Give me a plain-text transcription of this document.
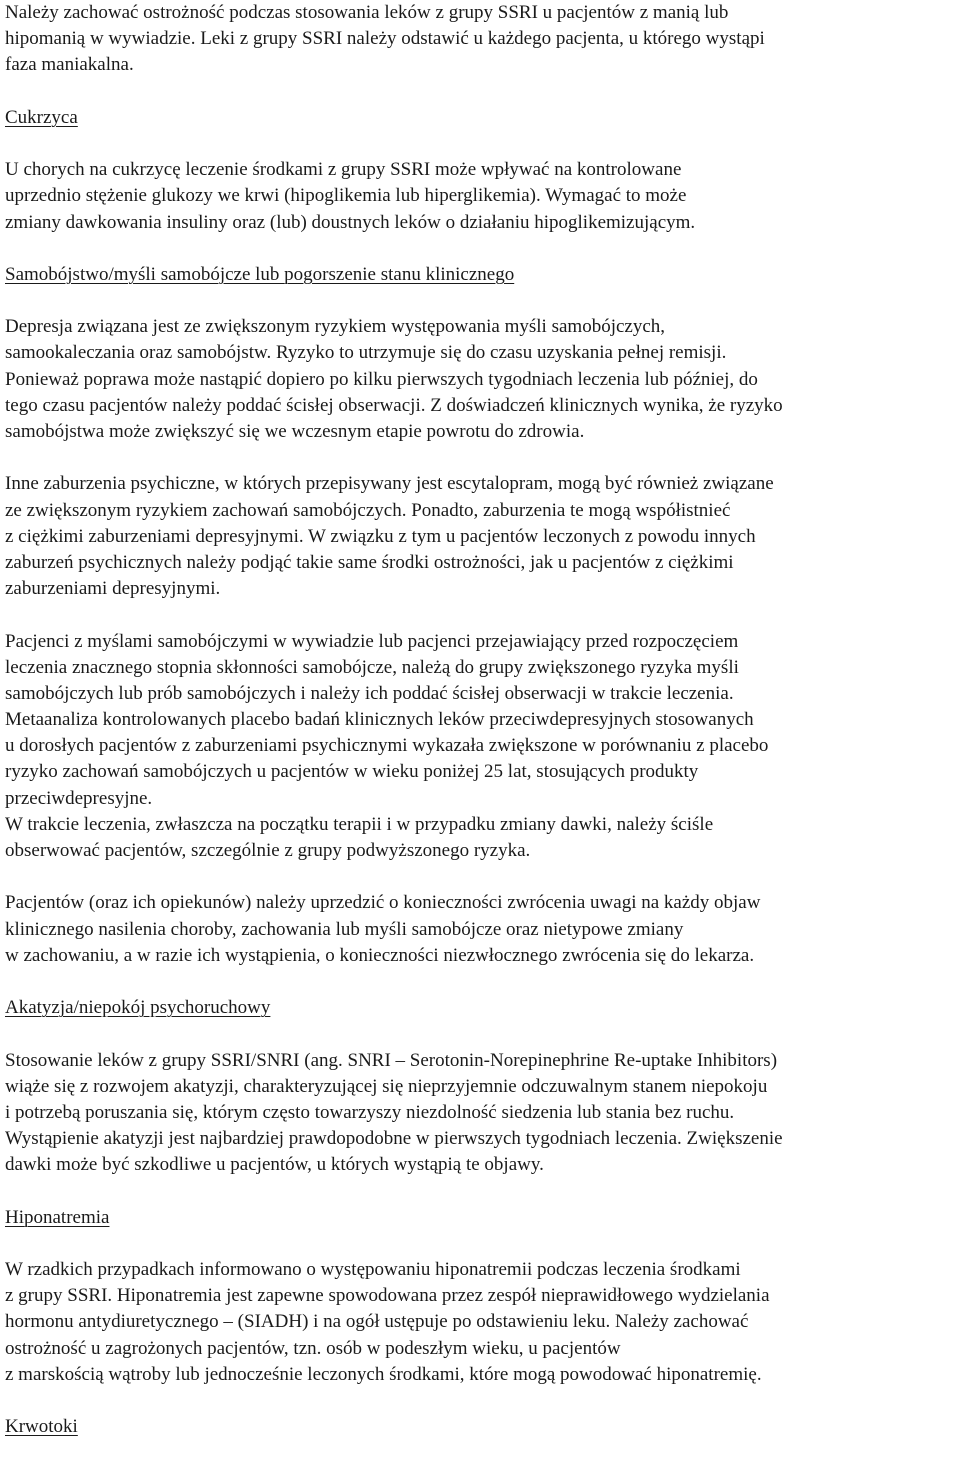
Należy zachować ostrożność podczas stosowania leków z grupy SSRI u pacjentów z manią lub
hipomanią w wywiadzie. Leki z grupy SSRI należy odstawić u każdego pacjenta, u którego wystąpi
faza maniakalna.
Cukrzyca
U chorych na cukrzycę leczenie środkami z grupy SSRI może wpływać na kontrolowane
uprzednio stężenie glukozy we krwi (hipoglikemia lub hiperglikemia). Wymagać to może
zmiany dawkowania insuliny oraz (lub) doustnych leków o działaniu hipoglikemizującym.
Samobójstwo/myśli samobójcze lub pogorszenie stanu klinicznego
Depresja związana jest ze zwiększonym ryzykiem występowania myśli samobójczych,
samookaleczania oraz samobójstw. Ryzyko to utrzymuje się do czasu uzyskania pełnej remisji.
Ponieważ poprawa może nastąpić dopiero po kilku pierwszych tygodniach leczenia lub później, do
tego czasu pacjentów należy poddać ścisłej obserwacji. Z doświadczeń klinicznych wynika, że ryzyko
samobójstwa może zwiększyć się we wczesnym etapie powrotu do zdrowia.
Inne zaburzenia psychiczne, w których przepisywany jest escytalopram, mogą być również związane
ze zwiększonym ryzykiem zachowań samobójczych. Ponadto, zaburzenia te mogą współistnieć
z ciężkimi zaburzeniami depresyjnymi. W związku z tym u pacjentów leczonych z powodu innych
zaburzeń psychicznych należy podjąć takie same środki ostrożności, jak u pacjentów z ciężkimi
zaburzeniami depresyjnymi.
Pacjenci z myślami samobójczymi w wywiadzie lub pacjenci przejawiający przed rozpoczęciem
leczenia znacznego stopnia skłonności samobójcze, należą do grupy zwiększonego ryzyka myśli
samobójczych lub prób samobójczych i należy ich poddać ścisłej obserwacji w trakcie leczenia.
Metaanaliza kontrolowanych placebo badań klinicznych leków przeciwdepresyjnych stosowanych
u dorosłych pacjentów z zaburzeniami psychicznymi wykazała zwiększone w porównaniu z placebo
ryzyko zachowań samobójczych u pacjentów w wieku poniżej 25 lat, stosujących produkty
przeciwdepresyjne.
W trakcie leczenia, zwłaszcza na początku terapii i w przypadku zmiany dawki, należy ściśle
obserwować pacjentów, szczególnie z grupy podwyższonego ryzyka.
Pacjentów (oraz ich opiekunów) należy uprzedzić o konieczności zwrócenia uwagi na każdy objaw
klinicznego nasilenia choroby, zachowania lub myśli samobójcze oraz nietypowe zmiany
w zachowaniu, a w razie ich wystąpienia, o konieczności niezwłocznego zwrócenia się do lekarza.
Akatyzja/niepokój psychoruchowy
Stosowanie leków z grupy SSRI/SNRI (ang. SNRI – Serotonin-Norepinephrine Re-uptake Inhibitors)
wiąże się z rozwojem akatyzji, charakteryzującej się nieprzyjemnie odczuwalnym stanem niepokoju
i potrzebą poruszania się, którym często towarzyszy niezdolność siedzenia lub stania bez ruchu.
Wystąpienie akatyzji jest najbardziej prawdopodobne w pierwszych tygodniach leczenia. Zwiększenie
dawki może być szkodliwe u pacjentów, u których wystąpią te objawy.
Hiponatremia
W rzadkich przypadkach informowano o występowaniu hiponatremii podczas leczenia środkami
z grupy SSRI. Hiponatremia jest zapewne spowodowana przez zespół nieprawidłowego wydzielania
hormonu antydiuretycznego – (SIADH) i na ogół ustępuje po odstawieniu leku. Należy zachować
ostrożność u zagrożonych pacjentów, tzn. osób w podeszłym wieku, u pacjentów
z marskością wątroby lub jednocześnie leczonych środkami, które mogą powodować hiponatremię.
Krwotoki
